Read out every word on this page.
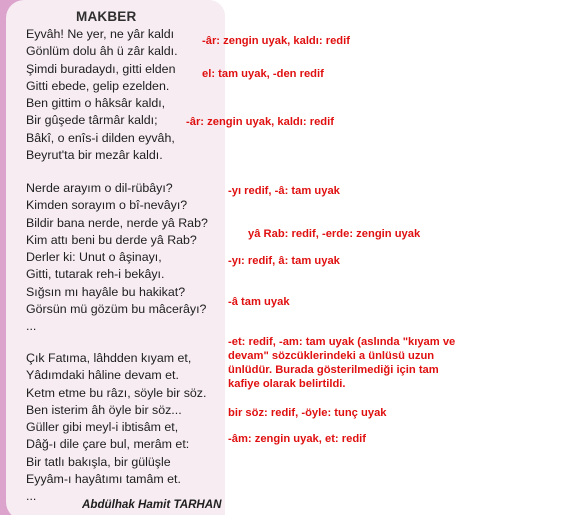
MAKBER
Eyvâh! Ne yer, ne yâr kaldı
Gönlüm dolu âh ü zâr kaldı.
Şimdi buradaydı, gitti elden
Gitti ebede, gelip ezelden.
Ben gittim o hâksâr kaldı,
Bir gûşede târmâr kaldı;
Bâkî, o enîs-i dilden eyvâh,
Beyrut'ta bir mezâr kaldı.
Nerde arayım o dil-rübâyı?
Kimden sorayım o bî-nevâyı?
Bildir bana nerde, nerde yâ Rab?
Kim attı beni bu derde yâ Rab?
Derler ki: Unut o âşinayı,
Gitti, tutarak reh-i bekâyı.
Sığsın mı hayâle bu hakikat?
Görsün mü gözüm bu mâcerâyı?
...
Çık Fatıma, lâhdden kıyam et,
Yâdımdaki hâline devam et.
Ketm etme bu râzı, söyle bir söz.
Ben isterim âh öyle bir söz...
Güller gibi meyl-i ibtisâm et,
Dâğ-ı dile çare bul, merâm et:
Bir tatlı bakışla, bir gülüşle
Eyyâm-ı hayâtımı tamâm et.
...
Abdülhak Hamit TARHAN
-âr: zengin uyak, kaldı: redif
el: tam uyak, -den redif
-âr: zengin uyak, kaldı: redif
-yı redif, -â: tam uyak
yâ Rab: redif, -erde: zengin uyak
-yı: redif, â: tam uyak
-â tam uyak
-et: redif, -am: tam uyak (aslında "kıyam ve
devam" sözcüklerindeki a ünlüsü uzun
ünlüdür. Burada gösterilmediği için tam
kafiye olarak belirtildi.
bir söz: redif, -öyle: tunç uyak
-âm: zengin uyak, et: redif
